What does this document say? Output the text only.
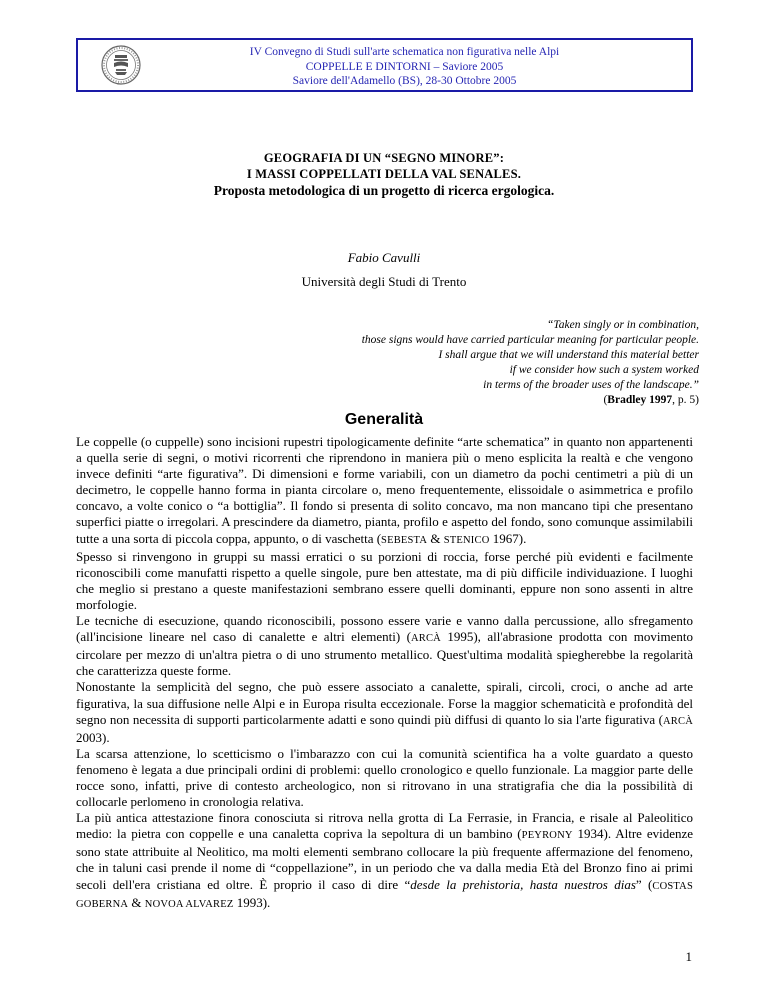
IV Convegno di Studi sull'arte schematica non figurativa nelle Alpi
COPPELLE E DINTORNI – Saviore 2005
Saviore dell'Adamello (BS), 28-30 Ottobre 2005
GEOGRAFIA DI UN “SEGNO MINORE”:
I MASSI COPPELLATI DELLA VAL SENALES.
Proposta metodologica di un progetto di ricerca ergologica.
Fabio Cavulli
Università degli Studi di Trento
“Taken singly or in combination,
those signs would have carried particular meaning for particular people.
I shall argue that we will understand this material better
if we consider how such a system worked
in terms of the broader uses of the landscape.”
(Bradley 1997, p. 5)
Generalità

Le coppelle (o cuppelle) sono incisioni rupestri tipologicamente definite “arte schematica” in quanto non appartenenti a quella serie di segni, o motivi ricorrenti che riprendono in maniera più o meno esplicita la realtà e che vengono invece definiti “arte figurativa”. Di dimensioni e forme variabili, con un diametro da pochi centimetri a più di un decimetro, le coppelle hanno forma in pianta circolare o, meno frequentemente, elissoidale o asimmetrica e profilo concavo, a volte conico o “a bottiglia”. Il fondo si presenta di solito concavo, ma non mancano tipi che presentano superfici piatte o irregolari. A prescindere da diametro, pianta, profilo e aspetto del fondo, sono comunque assimilabili tutte a una sorta di piccola coppa, appunto, o di vaschetta (SEBESTA & STENICO 1967).

Spesso si rinvengono in gruppi su massi erratici o su porzioni di roccia, forse perché più evidenti e facilmente riconoscibili come manufatti rispetto a quelle singole, pure ben attestate, ma di più difficile individuazione. I luoghi che meglio si prestano a queste manifestazioni sembrano essere quelli dominanti, eppure non sono assenti in altre morfologie.

Le tecniche di esecuzione, quando riconoscibili, possono essere varie e vanno dalla percussione, allo sfregamento (all'incisione lineare nel caso di canalette e altri elementi) (ARCÀ 1995), all'abrasione prodotta con movimento circolare per mezzo di un'altra pietra o di uno strumento metallico. Quest'ultima modalità spiegherebbe la regolarità che caratterizza queste forme.

Nonostante la semplicità del segno, che può essere associato a canalette, spirali, circoli, croci, o anche ad arte figurativa, la sua diffusione nelle Alpi e in Europa risulta eccezionale. Forse la maggior schematicità e profondità del segno non necessita di supporti particolarmente adatti e sono quindi più diffusi di quanto lo sia l'arte figurativa (ARCÀ 2003).

La scarsa attenzione, lo scetticismo o l'imbarazzo con cui la comunità scientifica ha a volte guardato a questo fenomeno è legata a due principali ordini di problemi: quello cronologico e quello funzionale. La maggior parte delle rocce sono, infatti, prive di contesto archeologico, non si ritrovano in una stratigrafia che dia la possibilità di collocarle perlomeno in cronologia relativa.

La più antica attestazione finora conosciuta si ritrova nella grotta di La Ferrasie, in Francia, e risale al Paleolitico medio: la pietra con coppelle e una canaletta copriva la sepoltura di un bambino (PEYRONY 1934). Altre evidenze sono state attribuite al Neolitico, ma molti elementi sembrano collocare la più frequente affermazione del fenomeno, che in taluni casi prende il nome di “coppellazione”, in un periodo che va dalla media Età del Bronzo fino ai primi secoli dell'era cristiana ed oltre. È proprio il caso di dire “desde la prehistoria, hasta nuestros dias” (COSTAS GOBERNA & NOVOA ALVAREZ 1993).

1
